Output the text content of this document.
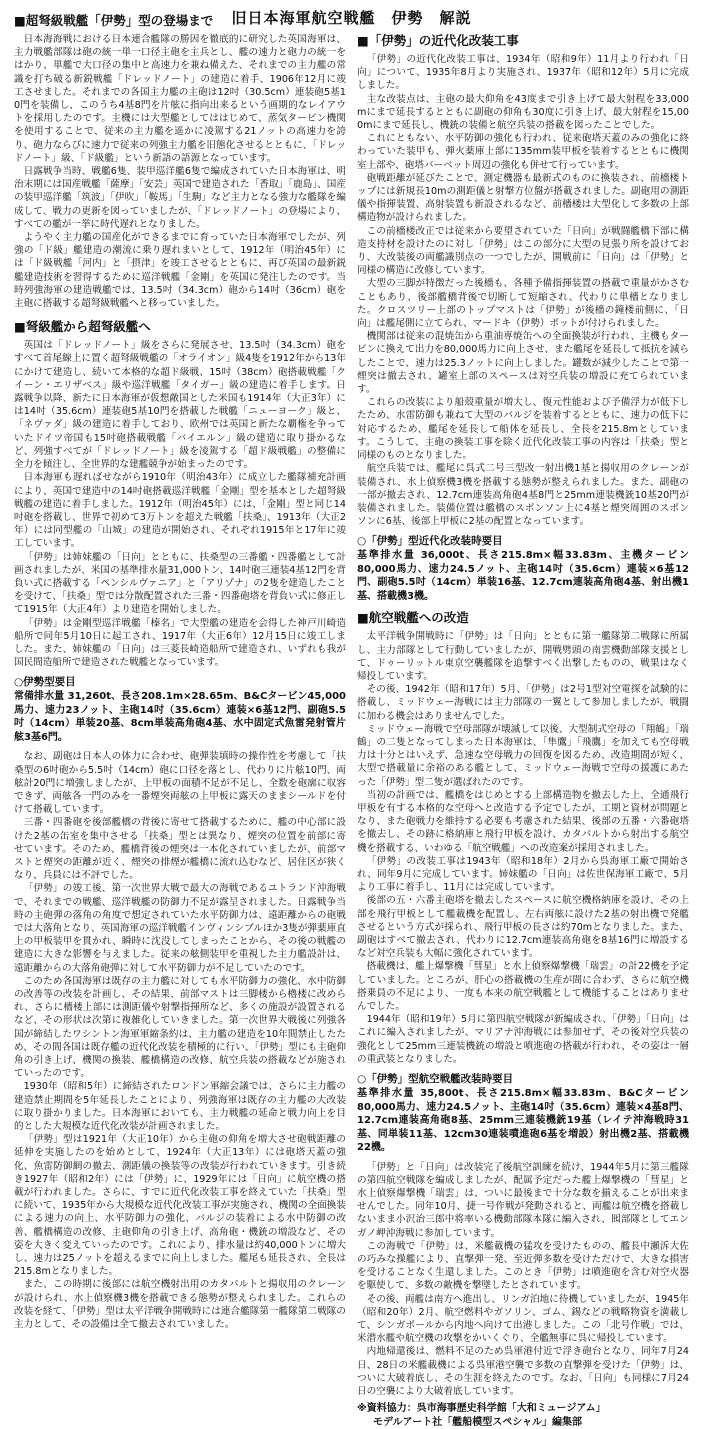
旧日本海軍航空戦艦　伊勢　解説
■超弩級戦艦「伊勢」型の登場まで

日本海海戦における日本連合艦隊の勝因を徹底的に研究した英国海軍は、主力戦艦部隊は砲の統一単一口径主砲を主兵とし、艦の速力と砲力の統一をはかり、単艦で大口径の集中と高速力を兼ね備えた、それまでの主力艦の常識を打ち破る新鋭戦艦「ドレッドノート」の建造に着手、1906年12月に竣工させました。それまでの各国主力艦の主砲は12吋（30.5cm）連装砲5基10門を装備し、このうち4基8門を片舷に指向出来るという画期的なレイアウトを採用したのです。主機には大型艦としてははじめて、蒸気タービン機関を使用することで、従来の主力艦を遥かに凌駕する21ノットの高速力を誇り、砲力ならびに速力で従来の列強主力艦を旧態化させるとともに、「ドレッドノート」級、「ド級艦」という新語の語源となっています。

日露戦争当時、戦艦6隻、装甲巡洋艦6隻で編成されていた日本海軍は、明治末期には国産戦艦「薩摩」「安芸」英国で建造された「香取」「鹿島」、国産の装甲巡洋艦「筑波」「伊吹」「鞍馬」「生駒」など主力となる強力な艦隊を編成して、戦力の更新を図っていましたが、「ドレッドノート」の登場により、すべての艦が一挙に時代遅れとなりました。

ようやく主力艦の国産化ができるまでに育っていた日本海軍でしたが、列強の「ド級」艦建造の潮流に乗り遅れまいとして、1912年（明治45年）には「ド級戦艦「河内」と「摂津」を竣工させるとともに、再び英国の最新鋭艦建造技術を習得するために巡洋戦艦「金剛」を英国に発注したのです。当時列強海軍の建造戦艦では、13.5吋（34.3cm）砲から14吋（36cm）砲を主砲に搭載する超弩級戦艦へと移っていました。

■弩級艦から超弩級艦へ

英国は「ドレッドノート」級をさらに発展させ、13.5吋（34.3cm）砲をすべて首尾線上に置く超弩級戦艦の「オライオン」級4隻を1912年から13年にかけて建造し、続いて本格的な超ド級戦、15吋（38cm）砲搭載戦艦「クイーン・エリザベス」級や巡洋戦艦「タイガー」級の建造に着手します。日露戦争以降、新たに日本海軍が仮想敵国とした米国も1914年（大正3年）には14吋（35.6cm）連装砲5基10門を搭載した戦艦「ニューヨーク」級と、「ネヴァダ」級の建造に着手しており、欧州では英国と新たな覇権を争っていたドイツ帝国も15吋砲搭載戦艦「バイエルン」級の建造に取り掛かるなど、列強すべてが「ドレッドノート」級を凌駕する「超ド級戦艦」の整備に全力を傾注し、全世界的な建艦競争が始まったのです。

日本海軍も遅ればせながら1910年（明治43年）に成立した艦隊補充計画により、英国で建造中の14吋砲搭載巡洋戦艦「金剛」型を基本とした超弩級戦艦の建造に着手しました。1912年（明治45年）には、「金剛」型と同じ14吋砲を搭載し、世界で初めて3万トンを超えた戦艦「扶桑」、1913年（大正2年）には同型艦の「山城」の建造が開始され、それぞれ1915年と17年に竣工しています。

「伊勢」は姉妹艦の「日向」とともに、扶桑型の三番艦・四番艦として計画されましたが、米国の基準排水量31,000トン、14吋砲三連装4基12門を背負い式に搭載する「ペンシルヴァニア」と「アリゾナ」の2隻を建造したことを受けて、「扶桑」型では分散配置された三番・四番砲塔を背負い式に修正して1915年（大正4年）より建造を開始しました。

「伊勢」は金剛型巡洋戦艦「榛名」で大型艦の建造を会得した神戸川崎造船所で同年5月10日に起工され、1917年（大正6年）12月15日に竣工しました。また、姉妹艦の「日向」は三菱長崎造船所で建造され、いずれも我が国民間造船所で建造された戦艦となっています。

○伊勢型要目
常備排水量 31,260t、長さ208.1m×28.65m、B&Cタービン45,000馬力、速力23ノット、主砲14吋（35.6cm）連装×6基12門、副砲5.5吋（14cm）単装20基、8cm単装高角砲4基、水中固定式魚雷発射管片舷3基6門。

なお、副砲は日本人の体力に合わせ、砲弾装填時の操作性を考慮して「扶桑型の6吋砲から5.5吋（14cm）砲に口径を落とし、代わりに片舷10門、両舷計20門に増強しましたが、上甲板の面積不足が不足し、全数を砲廓に収容できず、両舷各一門のみを一番煙突両舷の上甲板に露天のままシールドを付けて搭載しています。

三番・四番砲を後部艦橋の背後に寄せて搭載するために、艦の中心部に設けた2基の缶室を集中させる「扶桑」型とは異なり、煙突の位置を前部に寄せています。そのため、艦橋背後の煙突は一本化されていましたが、前部マストと煙突の距離が近く、煙突の排煙が艦橋に流れ込むなど、居住区が狭くなり、兵員には不評でした。

「伊勢」の竣工後、第一次世界大戦で最大の海戦であるユトランド沖海戦で、それまでの戦艦、巡洋戦艦の防御力不足が露呈されました。日露戦争当時の主砲弾の落角の角度で想定されていた水平防御力は、遠距離からの砲戦では大落角となり、英国海軍の巡洋戦艦インヴィンシブルほか3隻が弾薬庫直上の甲板装甲を貫かれ、瞬時に沈没してしまったことから、その後の戦艦の建造に大きな影響を与えました。従来の舷側装甲を重視した主力艦設計は、遠距離からの大落角砲弾に対して水平防御力が不足していたのです。

このため各国海軍は既存の主力艦に対しても水平防御力の強化、水中防御の改善等の改装を計画し、その結果、前部マストは三脚楼から櫓楼に改められ、さらに檣楼上部には測距儀や射撃指揮所など、多くの施設が設置されるなど、その形状は次第に複雑化していきました。第一次世界大戦後に列強各国が締結したワシントン海軍軍縮条約は、主力艦の建造を10年間禁止したため、その間各国は既存艦の近代化改装を積極的に行い、「伊勢」型にも主砲仰角の引き上げ、機関の換装、艦橋構造の改修、航空兵装の搭載などが施されていったのです。

1930年（昭和5年）に締結されたロンドン軍縮会議では、さらに主力艦の建造禁止期間を5年延長したことにより、列強海軍は既存の主力艦の大改装に取り掛かりました。日本海軍においても、主力戦艦の延命と戦力向上を目的とした大規模な近代化改装が計画されました。

「伊勢」型は1921年（大正10年）から主砲の仰角を増大させ砲戦距離の延伸を実施したのを始めとして、1924年（大正13年）には砲塔天蓋の強化、魚雷防御網の撤去、測距儀の換装等の改装が行われていきます。引き続き1927年（昭和2年）には「伊勢」に、1929年には「日向」に航空機の搭載が行われました。さらに、すでに近代化改装工事を終えていた「扶桑」型に続いて、1935年から大規模な近代化改装工事が実施され、機関の全面換装による速力の向上、水平防御力の強化、バルジの装着による水中防御の改善、艦橋構造の改修、主砲仰角の引き上げ、高角砲・機銃の増設など、その姿を大きく変えていったのです。これにより、排水量は約40,000トンに増大し、速力は25ノットを超えるまでに向上しました。艦尾も延長され、全長は215.8mとなりました。

また、この時期に後部には航空機射出用のカタパルトと揚収用のクレーンが設けられ、水上偵察機3機を搭載できる態勢が整えられました。これらの改装を経て、「伊勢」型は太平洋戦争開戦時には連合艦隊第一艦隊第二戦隊の主力として、その設備は全て撤去されていました。

■「伊勢」の近代化改装工事

「伊勢」の近代化改装工事は、1934年（昭和9年）11月より行われ「日向」について、1935年8月より実施され、1937年（昭和12年）5月に完成しました。

主な改装点は、主砲の最大仰角を43度まで引き上げて最大射程を33,000mにまで延長するとともに副砲の仰角も30度に引き上げ、最大射程を15,000mにまで延長し、機銃の装備と航空兵装の搭載を図ったことでした。

これにともない、水平防御の強化も行われ、従来砲塔天蓋のみの強化に終わっていた装甲も、弾火薬庫上部に135mm装甲板を装着するとともに機関室上部や、砲塔バーベット周辺の強化も併せて行っています。

砲戦距離が延びたことで、測定機器も最新式のものに換装され、前檣楼トップには新規長10mの測距儀と射撃方位盤が搭載されました。副砲用の測距儀や指揮装置、高射装置も新設されるなど、前檣楼は大型化して多数の上部構造物が設けられました。

この前檣楼改正では従来から要望されていた「日向」が戦闘艦橋下部に構造支持材を設けたのに対し「伊勢」はこの部分に大型の見張り所を設けており、大改装後の両艦識別点の一つでしたが、開戦前に「日向」は「伊勢」と同様の構造に改修しています。

大型の三脚が特徴だった後檣も、各種予備指揮装置の搭載で重量がかさむこともあり、後部艦橋背後で切断して短縮され、代わりに単檣となりました。クロスツリー上部のトップマストは「伊勢」が後檣の鐘楼前側に、「日向」は艦尾側に立てられ、マードキ（伊勢）ポットが付けられました。

機関部は従来の混焼缶から重油専焼缶への全面換装が行われ、主機もタービンに換えて出力を80,000馬力に向上させ、また艦尾を延長して抵抗を減らしたことで、速力は25.3ノットに向上しました。罐数が減少したことで第一煙突は撤去され、罐室上部のスペースは対空兵装の増設に充てられています。

これらの改装により船殻重量が増大し、復元性能および予備浮力が低下したため、水雷防御も兼ねて大型のバルジを装着するとともに、速力の低下に対応するため、艦尾を延長して船体を延長し、全長を215.8mとしています。こうして、主砲の換装工事を除く近代化改装工事の内容は「扶桑」型と同様のものとなりました。

航空兵装では、艦尾に呉式二号三型改一射出機1基と揚収用のクレーンが装備され、水上偵察機3機を搭載する態勢が整えられました。また、副砲の一部が撤去され、12.7cm連装高角砲4基8門と25mm連装機銃10基20門が装備されました。装備位置は艦橋のスポンソン上に4基と煙突周囲のスポンソンに6基、後部上甲板に2基の配置となっています。

○「伊勢」型近代化改装時要目
基準排水量 36,000t、長さ215.8m×幅33.83m、主機タービン80,000馬力、速力24.5ノット、主砲14吋（35.6cm）連装×6基12門、副砲5.5吋（14cm）単装16基、12.7cm連装高角砲4基、射出機1基、搭載機3機。
■航空戦艦への改造

太平洋戦争開戦時に「伊勢」は「日向」とともに第一艦隊第二戦隊に所属し、主力部隊として行動していましたが、開戦劈頭の南雲機動部隊支援として、ドゥーリットル東京空襲艦隊を追撃すべく出撃したものの、戦果はなく帰投しています。

その後、1942年（昭和17年）5月、「伊勢」は2号1型対空電探を試験的に搭載し、ミッドウェー海戦には主力部隊の一翼として参加しましたが、戦闘に加わる機会はありませんでした。

ミッドウェー海戦で空母部隊が壊滅して以後、大型制式空母の「翔鶴」「瑞鶴」の二隻となってしまった日本海軍は、「隼鷹」「飛鷹」を加えても空母戦力は十分とはいえず、急速な空母戦力の回復を図るため、改造期間が短く、大型で搭載量に余裕のある艦として、ミッドウェー海戦で空母の援護にあたった「伊勢」型二隻が選ばれたのです。

当初の計画では、艦橋をはじめとする上部構造物を撤去した上、全通飛行甲板を有する本格的な空母へと改造する予定でしたが、工期と資材が問題となり、また砲戦力を維持する必要も考慮された結果、後部の五番・六番砲塔を撤去し、その跡に格納庫と飛行甲板を設け、カタパルトから射出する航空機を搭載する、いわゆる「航空戦艦」への改造案が採用されました。

「伊勢」の改装工事は1943年（昭和18年）2月から呉海軍工廠で開始され、同年9月に完成しています。姉妹艦の「日向」は佐世保海軍工廠で、5月より工事に着手し、11月には完成しています。

後部の五・六番主砲塔を撤去したスペースに航空機格納庫を設け、その上部を飛行甲板として艦載機を配置し、左右両舷に設けた2基の射出機で発艦させるという方式が採られ、飛行甲板の長さは約70mとなりました。また、副砲はすべて撤去され、代わりに12.7cm連装高角砲を8基16門に増設するなど対空兵装も大幅に強化されています。

搭載機は、艦上爆撃機「彗星」と水上偵察爆撃機「瑞雲」の計22機を予定していました。ところが、肝心の搭載機の生産が間に合わず、さらに航空機搭乗員の不足により、一度も本来の航空戦艦として機能することはありませんでした。

1944年（昭和19年）5月に第四航空戦隊が新編成され、「伊勢」「日向」はこれに編入されましたが、マリアナ沖海戦には参加せず、その後対空兵装の強化として25mm三連装機銃の増設と噴進砲の搭載が行われ、その姿は一層の重武装となりました。

○「伊勢」型航空戦艦改装時要目
基準排水量 35,800t、長さ215.8m×幅33.83m、B&Cタービン80,000馬力、速力24.5ノット、主砲14吋（35.6cm）連装×4基8門、12.7cm連装高角砲8基、25mm三連装機銃19基（レイテ沖海戦時31基、同単装11基、12cm30連装噴進砲6基を増設）射出機2基、搭載機22機。

「伊勢」と「日向」は改装完了後航空訓練を続け、1944年5月に第三艦隊の第四航空戦隊を編成しましたが、配属予定だった艦上爆撃機の「彗星」と水上偵察爆撃機「瑞雲」は、ついに最後まで十分な数を揃えることが出来ませんでした。同年10月、捷一号作戦が発動されると、両艦は航空機を搭載しないまま小沢治三郎中将率いる機動部隊本隊に編入され、囮部隊としてエンガノ岬沖海戦に参加しています。

この海戦で「伊勢」は、米艦載機の猛攻を受けたものの、艦長中瀬泝大佐の巧みな操艦により、直撃弾一発、至近弾多数を受けただけで、大きな損害を受けることなく生還しました。このとき「伊勢」は噴進砲を含む対空火器を駆使して、多数の敵機を撃墜したとされています。

その後、両艦は南方へ進出し、リンガ泊地に待機していましたが、1945年（昭和20年）2月、航空燃料やガソリン、ゴム、錫などの戦略物資を満載して、シンガポールから内地へ向けて出港しました。この「北号作戦」では、米潜水艦や航空機の攻撃をかいくぐり、全艦無事に呉に帰投しています。

内地帰還後は、燃料不足のため呉軍港付近で浮き砲台となり、同年7月24日、28日の米艦載機による呉軍港空襲で多数の直撃弾を受けた「伊勢」は、ついに大破着底し、その生涯を終えたのです。なお、「日向」も同様に7月24日の空襲により大破着底しています。

※資料協力：呉市海事歴史科学館「大和ミュージアム」
モデルアート社「艦船模型スペシャル」編集部
